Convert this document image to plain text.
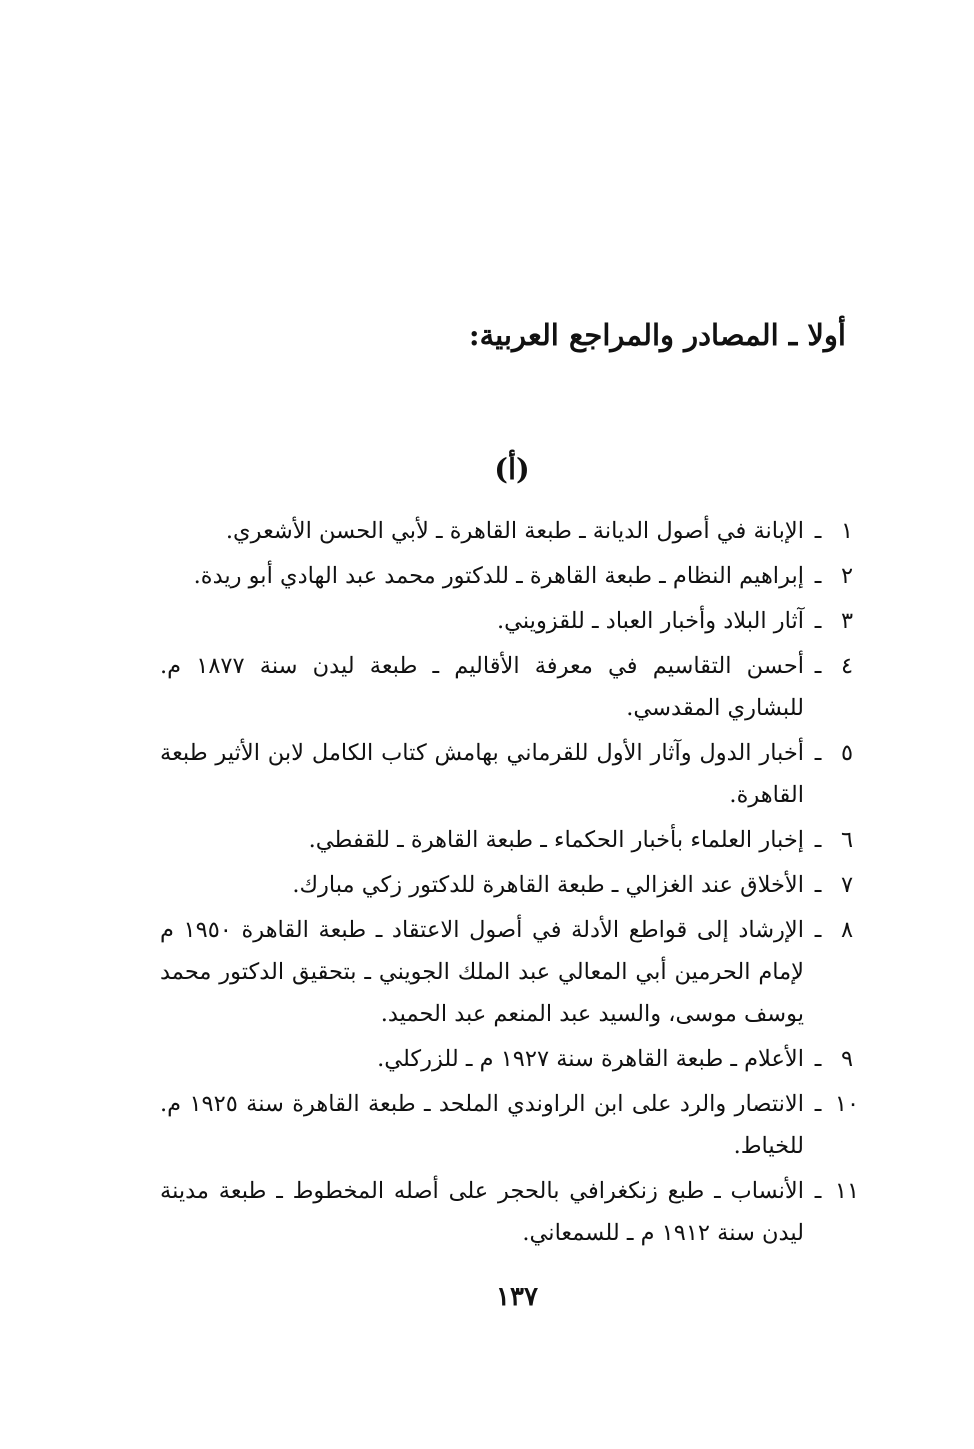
أولا ـ المصادر والمراجع العربية:
(أ)
١
ـ
الإبانة في أصول الديانة ـ طبعة القاهرة ـ لأبي الحسن الأشعري.
٢
ـ
إبراهيم النظام ـ طبعة القاهرة ـ للدكتور محمد عبد الهادي أبو ريدة.
٣
ـ
آثار البلاد وأخبار العباد ـ للقزويني.
٤
ـ
أحسن التقاسيم في معرفة الأقاليم ـ طبعة ليدن سنة ١٨٧٧ م. للبشاري المقدسي.
٥
ـ
أخبار الدول وآثار الأول للقرماني بهامش كتاب الكامل لابن الأثير طبعة القاهرة.
٦
ـ
إخبار العلماء بأخبار الحكماء ـ طبعة القاهرة ـ للقفطي.
٧
ـ
الأخلاق عند الغزالي ـ طبعة القاهرة للدكتور زكي مبارك.
٨
ـ
الإرشاد إلى قواطع الأدلة في أصول الاعتقاد ـ طبعة القاهرة ١٩٥٠ م لإمام الحرمين أبي المعالي عبد الملك الجويني ـ بتحقيق الدكتور محمد يوسف موسى، والسيد عبد المنعم عبد الحميد.
٩
ـ
الأعلام ـ طبعة القاهرة سنة ١٩٢٧ م ـ للزركلي.
١٠
ـ
الانتصار والرد على ابن الراوندي الملحد ـ طبعة القاهرة سنة ١٩٢٥ م. للخياط.
١١
ـ
الأنساب ـ طبع زنكغرافي بالحجر على أصله المخطوط ـ طبعة مدينة ليدن سنة ١٩١٢ م ـ للسمعاني.
١٣٧
